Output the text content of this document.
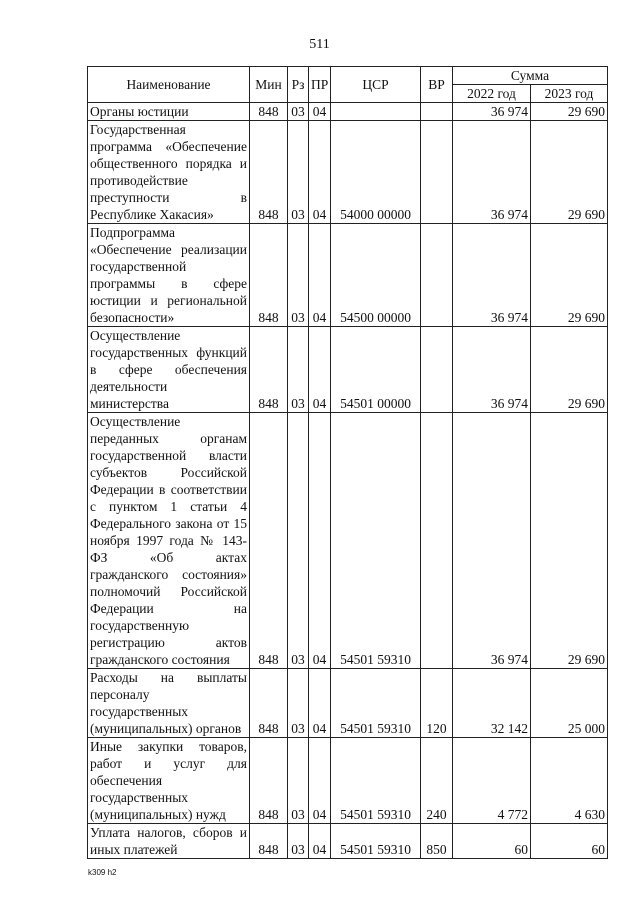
511
Наименование	Мин	Рз	ПР	ЦСР	ВР	Сумма	
						2022 год	2023 год
Органы юстиции	848	03	04			36 974	29 690
Государственная программа «Обеспечение общественного порядка и противодействие преступности в Республике Хакасия»	848	03	04	54000 00000		36 974	29 690
Подпрограмма «Обеспечение реализации государственной программы в сфере юстиции и региональной безопасности»	848	03	04	54500 00000		36 974	29 690
Осуществление государственных функций в сфере обеспечения деятельности министерства	848	03	04	54501 00000		36 974	29 690
Осуществление переданных органам государственной власти субъектов Российской Федерации в соответствии с пунктом 1 статьи 4 Федерального закона от 15 ноября 1997 года № 143-ФЗ «Об актах гражданского состояния» полномочий Российской Федерации на государственную регистрацию актов гражданского состояния	848	03	04	54501 59310		36 974	29 690
Расходы на выплаты персоналу государственных (муниципальных) органов	848	03	04	54501 59310	120	32 142	25 000
Иные закупки товаров, работ и услуг для обеспечения государственных (муниципальных) нужд	848	03	04	54501 59310	240	4 772	4 630
Уплата налогов, сборов и иных платежей	848	03	04	54501 59310	850	60	60
k309 h2
